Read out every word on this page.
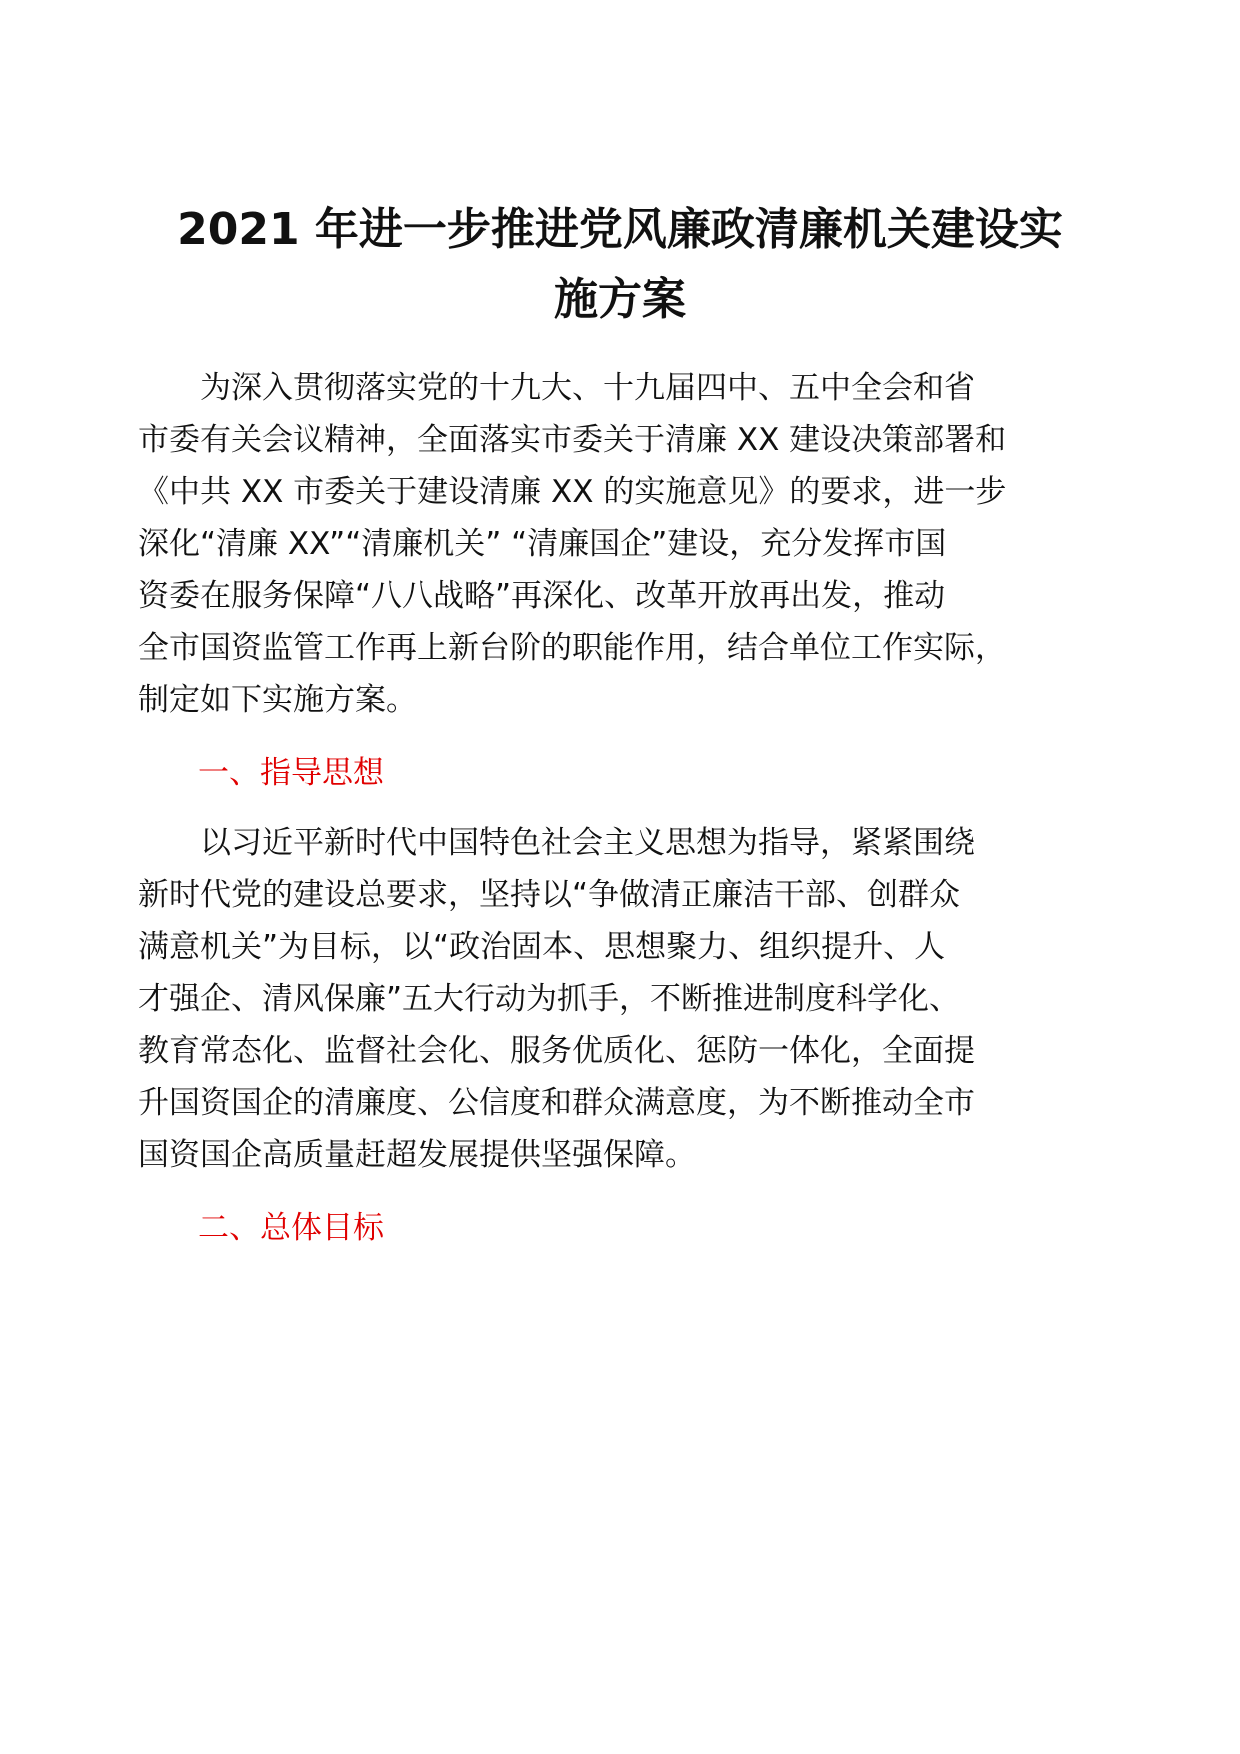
2021 年进一步推进党风廉政清廉机关建设实
施方案
　　为深入贯彻落实党的十九大、十九届四中、五中全会和省
市委有关会议精神，全面落实市委关于清廉 XX 建设决策部署和
《中共 XX 市委关于建设清廉 XX 的实施意见》的要求，进一步
深化“清廉 XX”“清廉机关” “清廉国企”建设，充分发挥市国
资委在服务保障“八八战略”再深化、改革开放再出发，推动
全市国资监管工作再上新台阶的职能作用，结合单位工作实际，
制定如下实施方案。
一、指导思想
　　以习近平新时代中国特色社会主义思想为指导，紧紧围绕
新时代党的建设总要求，坚持以“争做清正廉洁干部、创群众
满意机关”为目标，以“政治固本、思想聚力、组织提升、人
才强企、清风保廉”五大行动为抓手，不断推进制度科学化、
教育常态化、监督社会化、服务优质化、惩防一体化，全面提
升国资国企的清廉度、公信度和群众满意度，为不断推动全市
国资国企高质量赶超发展提供坚强保障。
二、总体目标
